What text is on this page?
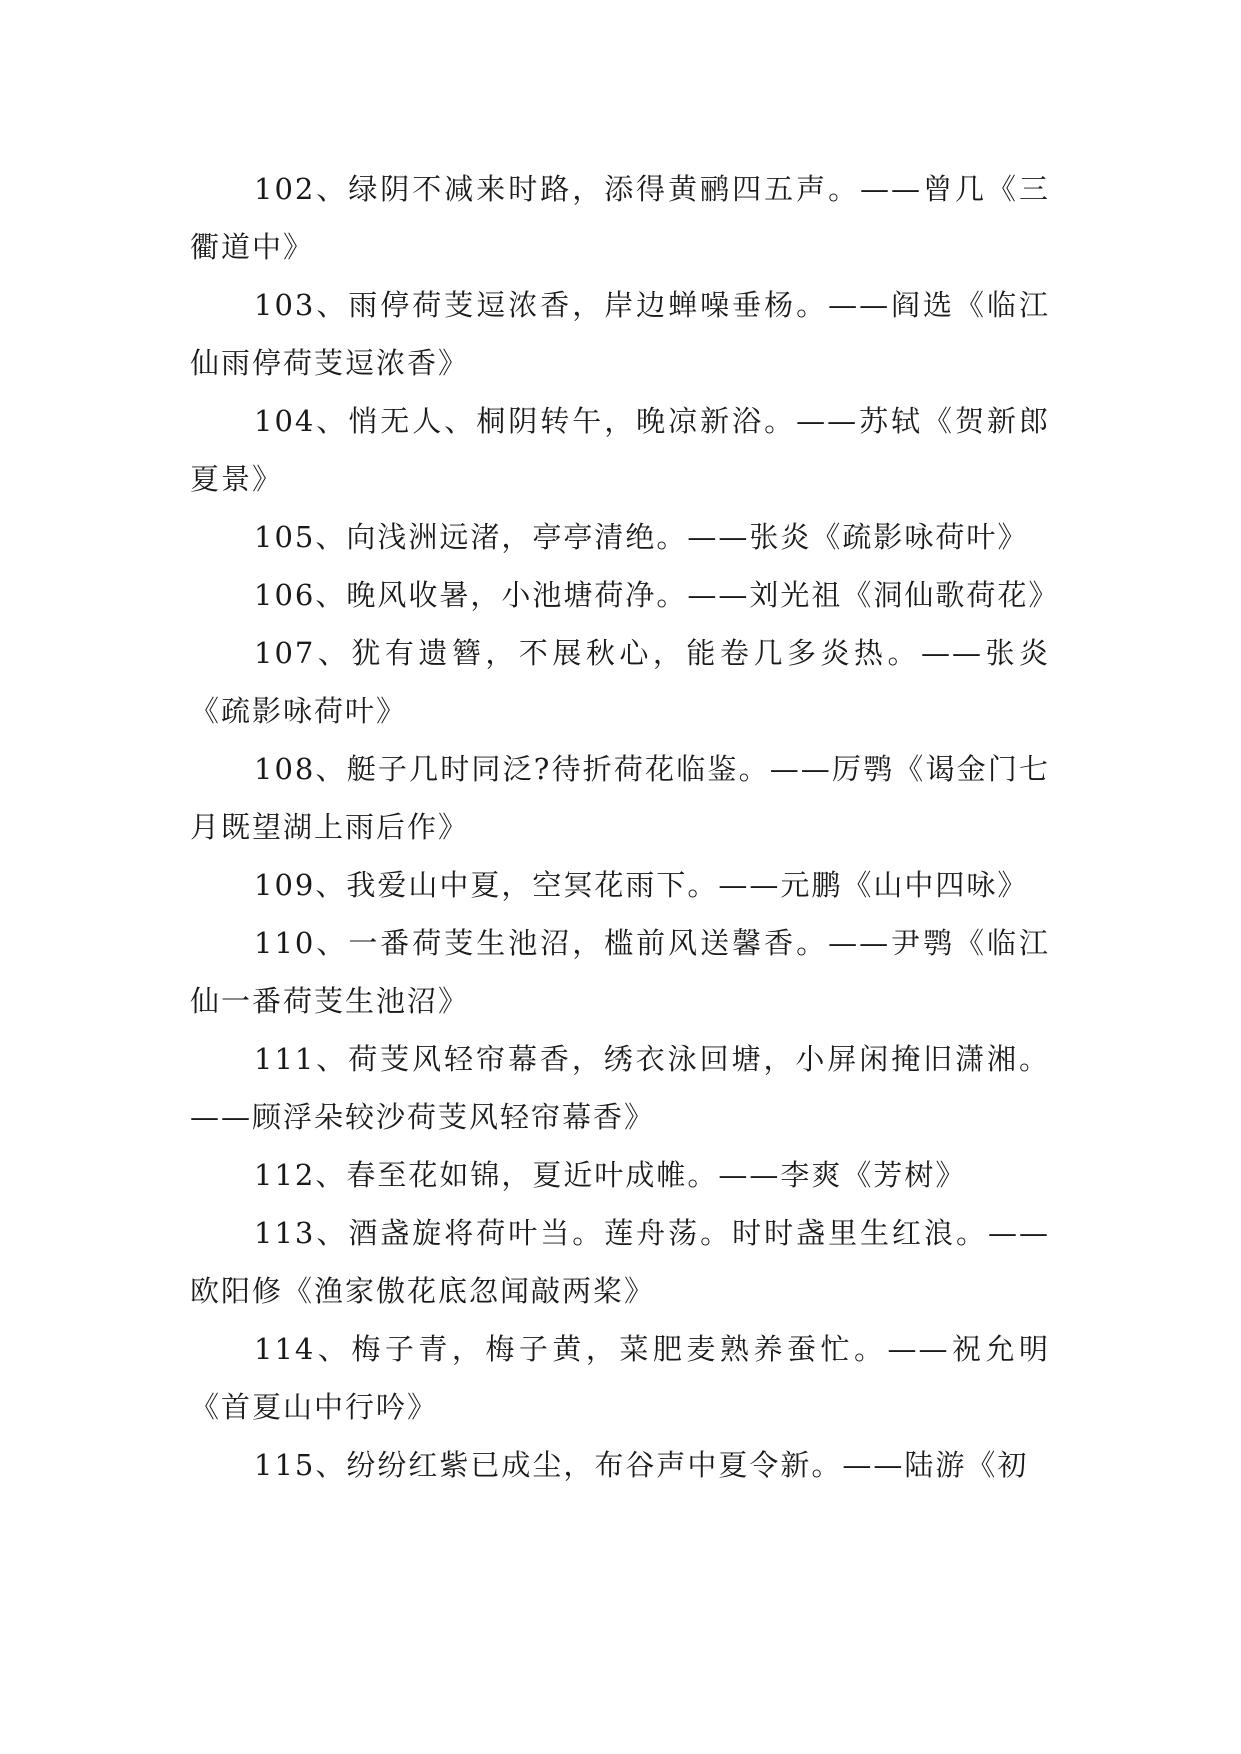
102、绿阴不减来时路，添得黄鹂四五声。——曾几《三衢道中》

103、雨停荷芰逗浓香，岸边蝉噪垂杨。——阎选《临江仙雨停荷芰逗浓香》

104、悄无人、桐阴转午，晚凉新浴。——苏轼《贺新郎夏景》

105、向浅洲远渚，亭亭清绝。——张炎《疏影咏荷叶》

106、晚风收暑，小池塘荷净。——刘光祖《洞仙歌荷花》

107、犹有遗簪，不展秋心，能卷几多炎热。——张炎《疏影咏荷叶》

108、艇子几时同泛?待折荷花临鉴。——厉鹗《谒金门七月既望湖上雨后作》

109、我爱山中夏，空冥花雨下。——元鹏《山中四咏》

110、一番荷芰生池沼，槛前风送馨香。——尹鹗《临江仙一番荷芰生池沼》

111、荷芰风轻帘幕香，绣衣泳回塘，小屏闲掩旧潇湘。——顾浮朵较沙荷芰风轻帘幕香》

112、春至花如锦，夏近叶成帷。——李爽《芳树》

113、酒盏旋将荷叶当。莲舟荡。时时盏里生红浪。——欧阳修《渔家傲花底忽闻敲两桨》

114、梅子青，梅子黄，菜肥麦熟养蚕忙。——祝允明《首夏山中行吟》

115、纷纷红紫已成尘，布谷声中夏令新。——陆游《初
